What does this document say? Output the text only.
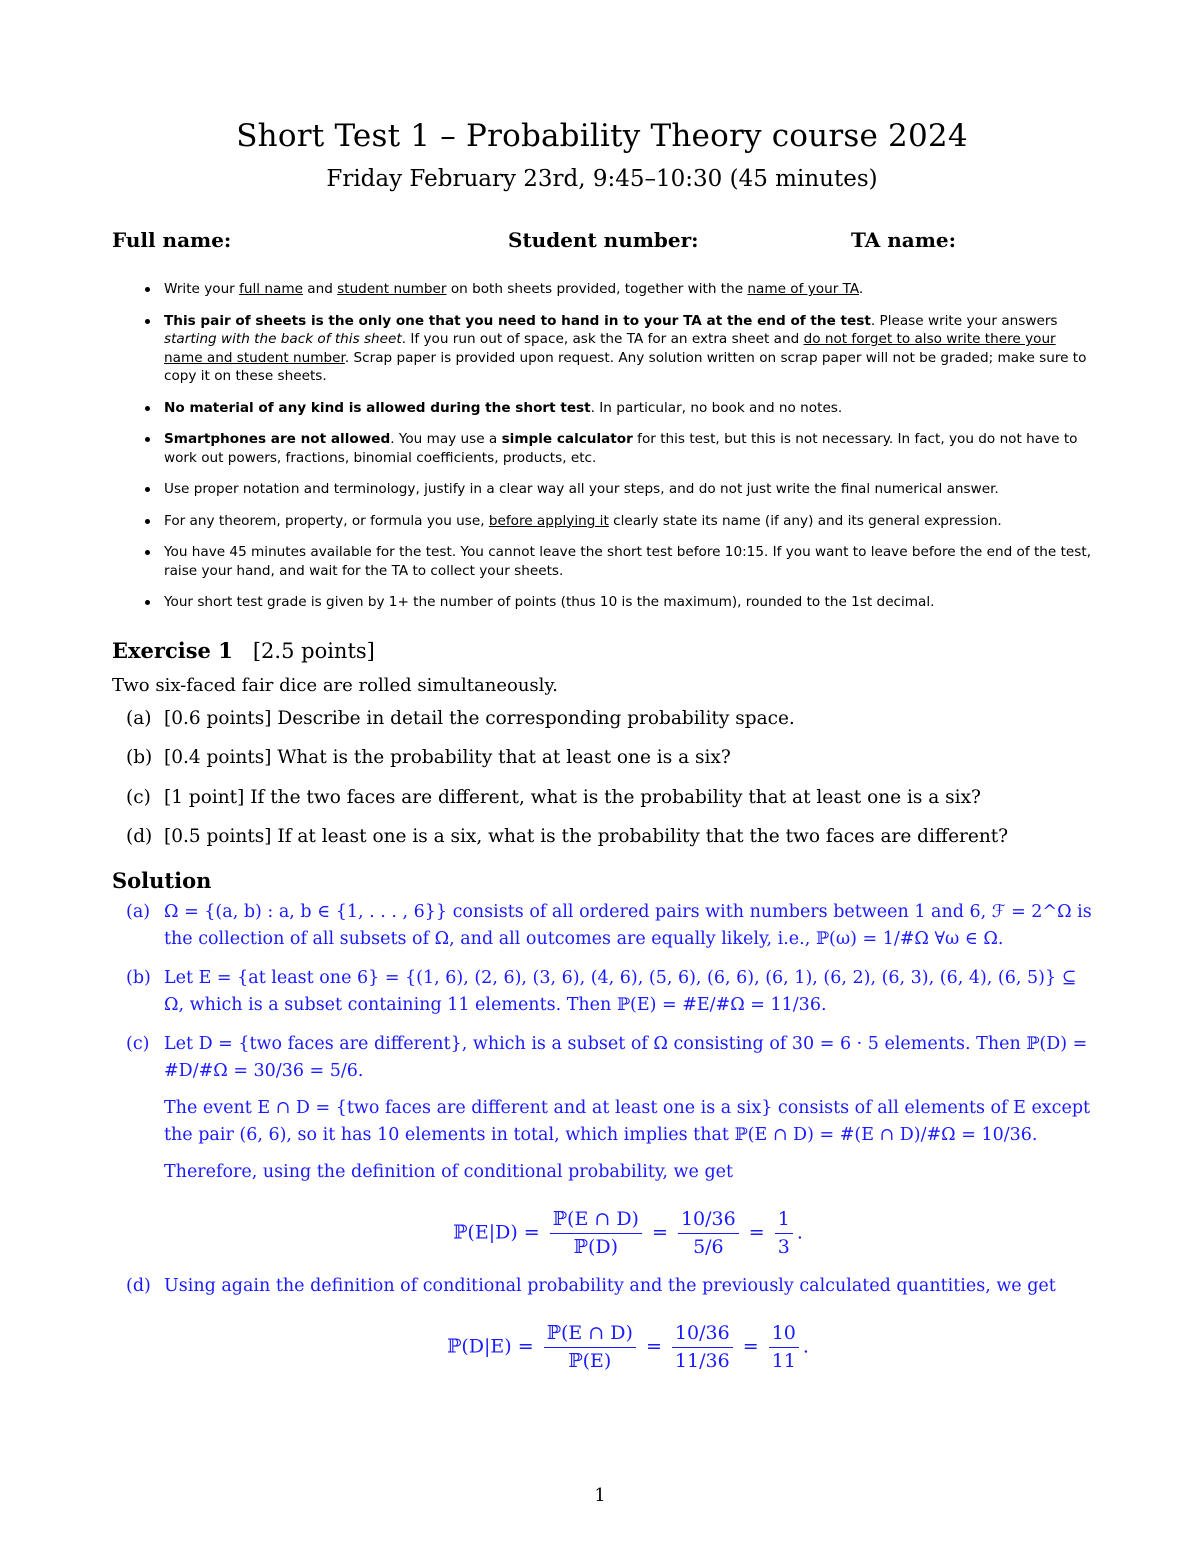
Short Test 1 – Probability Theory course 2024
Friday February 23rd, 9:45–10:30 (45 minutes)
Full name:	Student number:	TA name:
Write your full name and student number on both sheets provided, together with the name of your TA.
This pair of sheets is the only one that you need to hand in to your TA at the end of the test. Please write your answers starting with the back of this sheet. If you run out of space, ask the TA for an extra sheet and do not forget to also write there your name and student number. Scrap paper is provided upon request. Any solution written on scrap paper will not be graded; make sure to copy it on these sheets.
No material of any kind is allowed during the short test. In particular, no book and no notes.
Smartphones are not allowed. You may use a simple calculator for this test, but this is not necessary. In fact, you do not have to work out powers, fractions, binomial coefficients, products, etc.
Use proper notation and terminology, justify in a clear way all your steps, and do not just write the final numerical answer.
For any theorem, property, or formula you use, before applying it clearly state its name (if any) and its general expression.
You have 45 minutes available for the test. You cannot leave the short test before 10:15. If you want to leave before the end of the test, raise your hand, and wait for the TA to collect your sheets.
Your short test grade is given by 1+ the number of points (thus 10 is the maximum), rounded to the 1st decimal.
Exercise 1 [2.5 points]
Two six-faced fair dice are rolled simultaneously.
(a) [0.6 points] Describe in detail the corresponding probability space.
(b) [0.4 points] What is the probability that at least one is a six?
(c) [1 point] If the two faces are different, what is the probability that at least one is a six?
(d) [0.5 points] If at least one is a six, what is the probability that the two faces are different?
Solution
(a) Ω = {(a, b) : a, b ∈ {1, . . . , 6}} consists of all ordered pairs with numbers between 1 and 6, ℱ = 2^Ω is the collection of all subsets of Ω, and all outcomes are equally likely, i.e., ℙ(ω) = 1/#Ω ∀ω ∈ Ω.
(b) Let E = {at least one 6} = {(1, 6), (2, 6), (3, 6), (4, 6), (5, 6), (6, 6), (6, 1), (6, 2), (6, 3), (6, 4), (6, 5)} ⊆ Ω, which is a subset containing 11 elements. Then ℙ(E) = #E/#Ω = 11/36.
(c) Let D = {two faces are different}, which is a subset of Ω consisting of 30 = 6 · 5 elements. Then ℙ(D) = #D/#Ω = 30/36 = 5/6.
The event E ∩ D = {two faces are different and at least one is a six} consists of all elements of E except the pair (6, 6), so it has 10 elements in total, which implies that ℙ(E ∩ D) = #(E ∩ D)/#Ω = 10/36.
Therefore, using the definition of conditional probability, we get
ℙ(E|D) = $\frac{\text{ℙ(E ∩ D)}}{\text{ℙ(D)}} = \frac{10/36}{5/6} = \frac{1}{3}$ .
(d) Using again the definition of conditional probability and the previously calculated quantities, we get
ℙ(D|E) = $\frac{\text{ℙ(E ∩ D)}}{\text{ℙ(E)}} = \frac{10/36}{11/36} = \frac{10}{11}$ .
1
